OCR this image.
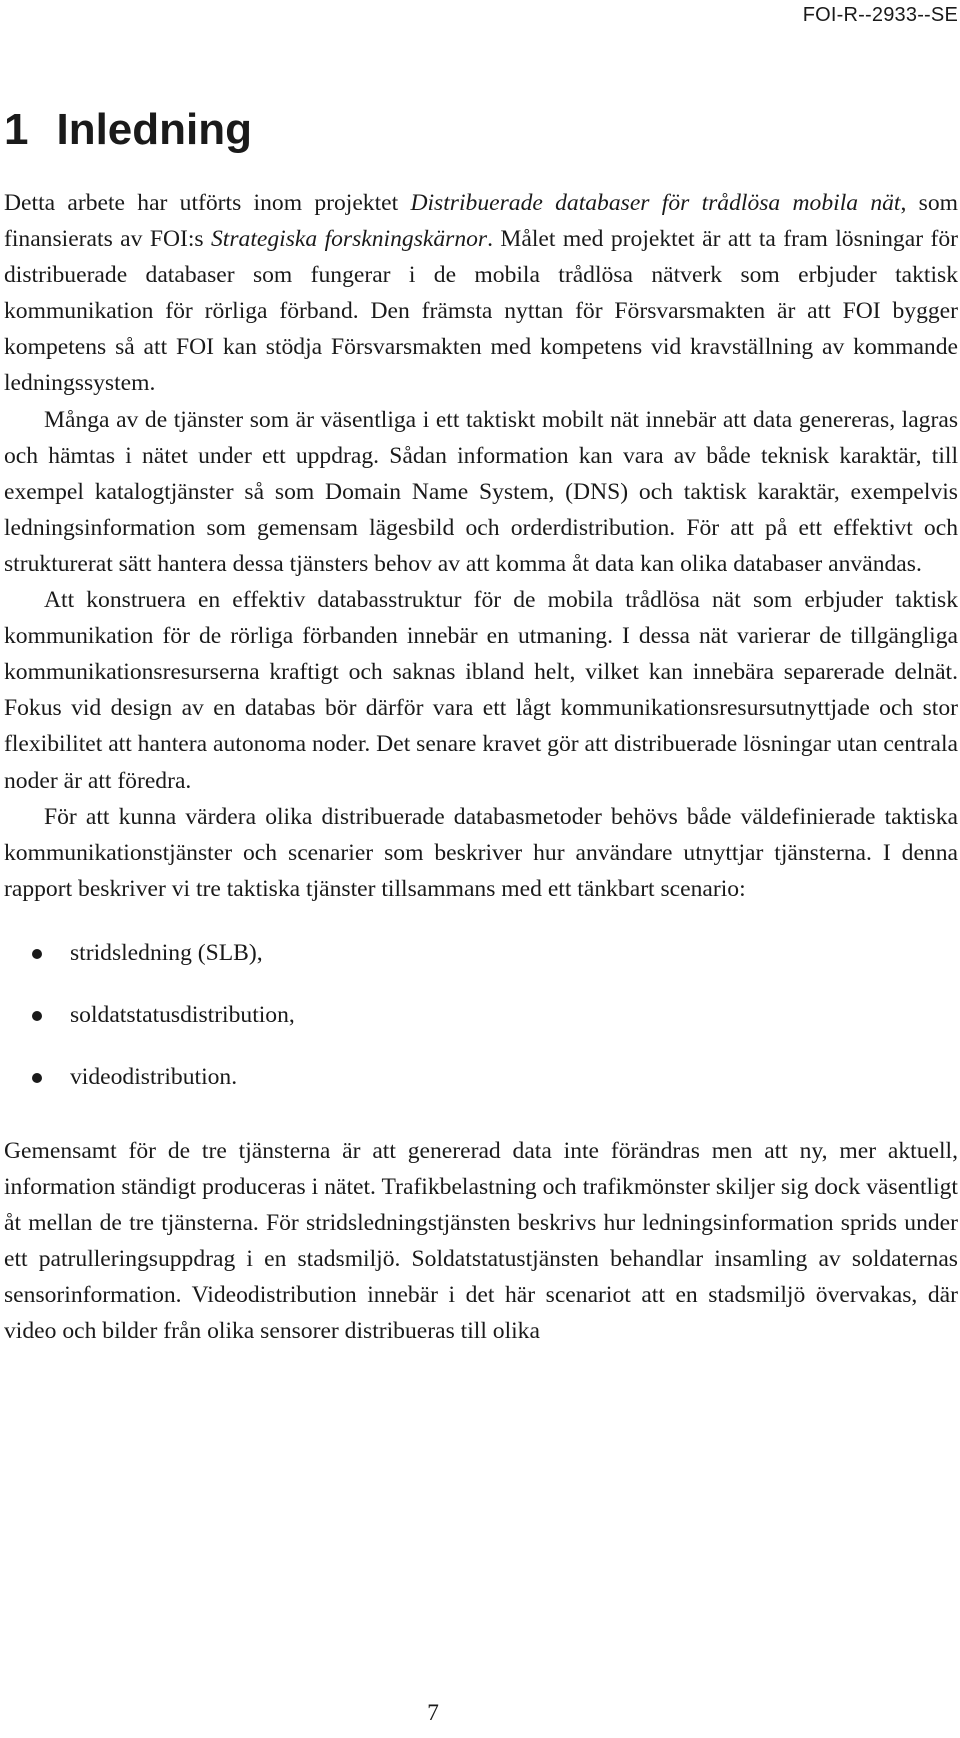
FOI-R--2933--SE
1 Inledning

Detta arbete har utförts inom projektet Distribuerade databaser för trådlösa mobila nät, som finansierats av FOI:s Strategiska forskningskärnor. Målet med projektet är att ta fram lösningar för distribuerade databaser som fungerar i de mobila trådlösa nätverk som erbjuder taktisk kommunikation för rörliga förband. Den främsta nyttan för Försvarsmakten är att FOI bygger kompetens så att FOI kan stödja Försvarsmakten med kompetens vid kravställning av kommande ledningssystem.

Många av de tjänster som är väsentliga i ett taktiskt mobilt nät innebär att data genereras, lagras och hämtas i nätet under ett uppdrag. Sådan information kan vara av både teknisk karaktär, till exempel katalogtjänster så som Domain Name System, (DNS) och taktisk karaktär, exempelvis ledningsinformation som gemensam lägesbild och orderdistribution. För att på ett effektivt och strukturerat sätt hantera dessa tjänsters behov av att komma åt data kan olika databaser användas.

Att konstruera en effektiv databasstruktur för de mobila trådlösa nät som erbjuder taktisk kommunikation för de rörliga förbanden innebär en utmaning. I dessa nät varierar de tillgängliga kommunikationsresurserna kraftigt och saknas ibland helt, vilket kan innebära separerade delnät. Fokus vid design av en databas bör därför vara ett lågt kommunikationsresursutnyttjade och stor flexibilitet att hantera autonoma noder. Det senare kravet gör att distribuerade lösningar utan centrala noder är att föredra.

För att kunna värdera olika distribuerade databasmetoder behövs både väldefinierade taktiska kommunikationstjänster och scenarier som beskriver hur användare utnyttjar tjänsterna. I denna rapport beskriver vi tre taktiska tjänster tillsammans med ett tänkbart scenario:

stridsledning (SLB),
soldatstatusdistribution,
videodistribution.

Gemensamt för de tre tjänsterna är att genererad data inte förändras men att ny, mer aktuell, information ständigt produceras i nätet. Trafikbelastning och trafikmönster skiljer sig dock väsentligt åt mellan de tre tjänsterna. För stridsledningstjänsten beskrivs hur ledningsinformation sprids under ett patrulleringsuppdrag i en stadsmiljö. Soldatstatustjänsten behandlar insamling av soldaternas sensorinformation. Videodistribution innebär i det här scenariot att en stadsmiljö övervakas, där video och bilder från olika sensorer distribueras till olika

7
